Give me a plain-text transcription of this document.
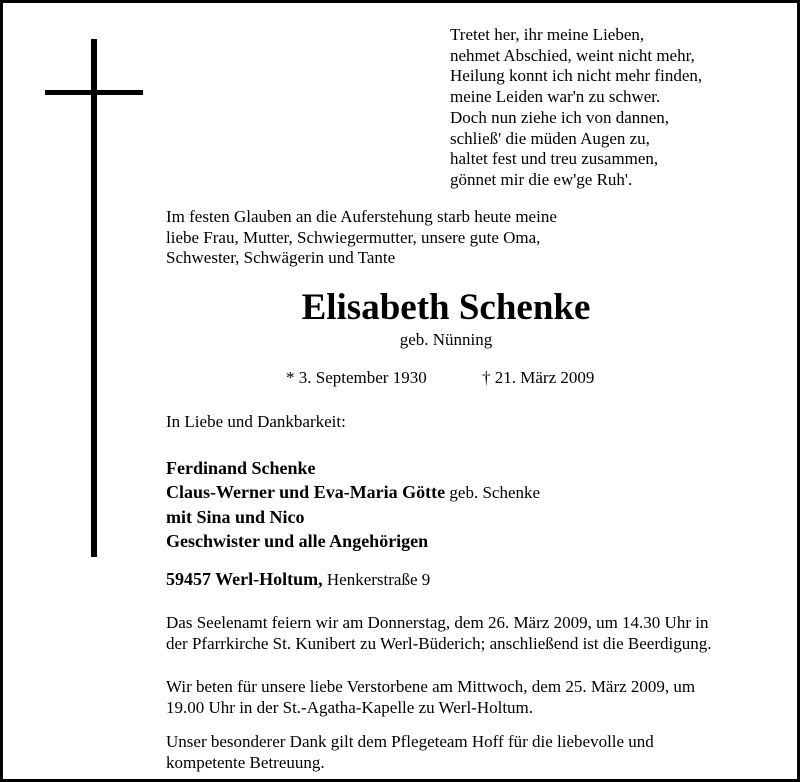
Tretet her, ihr meine Lieben,
nehmet Abschied, weint nicht mehr,
Heilung konnt ich nicht mehr finden,
meine Leiden war'n zu schwer.
Doch nun ziehe ich von dannen,
schließ' die müden Augen zu,
haltet fest und treu zusammen,
gönnet mir die ew'ge Ruh'.
Im festen Glauben an die Auferstehung starb heute meine
liebe Frau, Mutter, Schwiegermutter, unsere gute Oma,
Schwester, Schwägerin und Tante
Elisabeth Schenke
geb. Nünning
* 3. September 1930	† 21. März 2009
In Liebe und Dankbarkeit:
Ferdinand Schenke
Claus-Werner und Eva-Maria Götte geb. Schenke
mit Sina und Nico
Geschwister und alle Angehörigen
59457 Werl-Holtum, Henkerstraße 9
Das Seelenamt feiern wir am Donnerstag, dem 26. März 2009, um 14.30 Uhr in
der Pfarrkirche St. Kunibert zu Werl-Büderich; anschließend ist die Beerdigung.
Wir beten für unsere liebe Verstorbene am Mittwoch, dem 25. März 2009, um
19.00 Uhr in der St.-Agatha-Kapelle zu Werl-Holtum.
Unser besonderer Dank gilt dem Pflegeteam Hoff für die liebevolle und
kompetente Betreuung.
